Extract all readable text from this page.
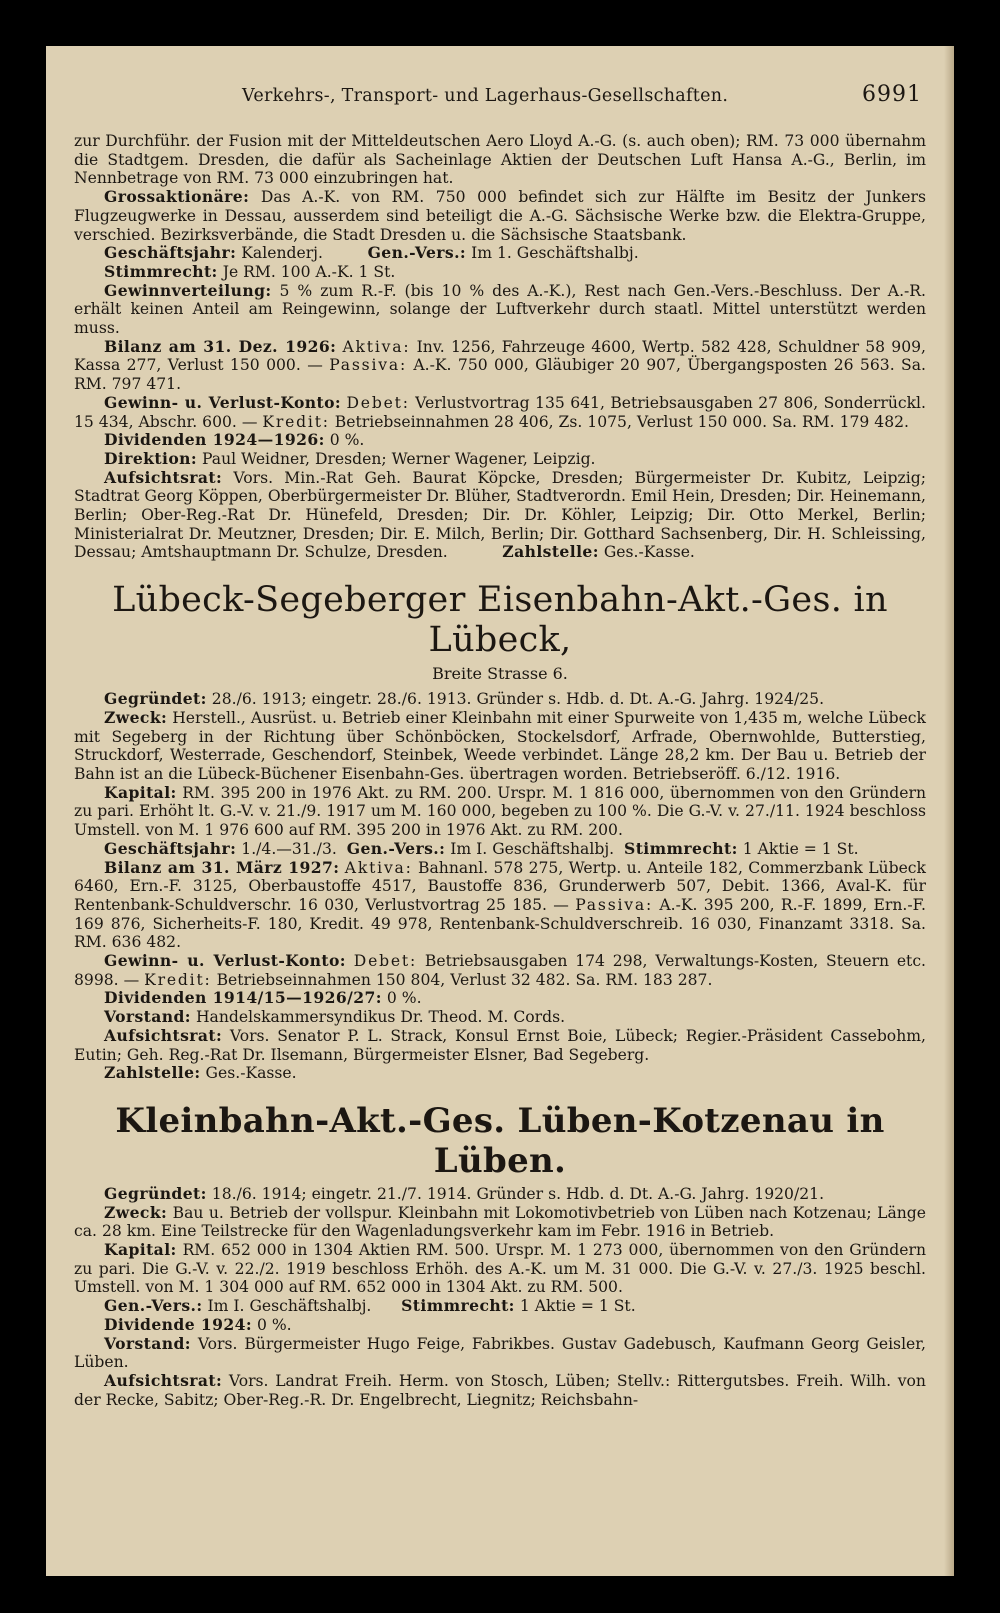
Verkehrs-, Transport- und Lagerhaus-Gesellschaften.	6991

zur Durchführ. der Fusion mit der Mitteldeutschen Aero Lloyd A.-G. (s. auch oben); RM. 73 000 übernahm die Stadtgem. Dresden, die dafür als Sacheinlage Aktien der Deutschen Luft Hansa A.-G., Berlin, im Nennbetrage von RM. 73 000 einzubringen hat.

Grossaktionäre: Das A.-K. von RM. 750 000 befindet sich zur Hälfte im Besitz der Junkers Flugzeugwerke in Dessau, ausserdem sind beteiligt die A.-G. Sächsische Werke bzw. die Elektra-Gruppe, verschied. Bezirksverbände, die Stadt Dresden u. die Sächsische Staatsbank.

Geschäftsjahr: Kalenderj.	Gen.-Vers.: Im 1. Geschäftshalbj.

Stimmrecht: Je RM. 100 A.-K. 1 St.

Gewinnverteilung: 5 % zum R.-F. (bis 10 % des A.-K.), Rest nach Gen.-Vers.-Beschluss. Der A.-R. erhält keinen Anteil am Reingewinn, solange der Luftverkehr durch staatl. Mittel unterstützt werden muss.

Bilanz am 31. Dez. 1926: Aktiva: Inv. 1256, Fahrzeuge 4600, Wertp. 582 428, Schuldner 58 909, Kassa 277, Verlust 150 000. — Passiva: A.-K. 750 000, Gläubiger 20 907, Übergangsposten 26 563. Sa. RM. 797 471.

Gewinn- u. Verlust-Konto: Debet: Verlustvortrag 135 641, Betriebsausgaben 27 806, Sonderrückl. 15 434, Abschr. 600. — Kredit: Betriebseinnahmen 28 406, Zs. 1075, Verlust 150 000. Sa. RM. 179 482.

Dividenden 1924—1926: 0 %.

Direktion: Paul Weidner, Dresden; Werner Wagener, Leipzig.

Aufsichtsrat: Vors. Min.-Rat Geh. Baurat Köpcke, Dresden; Bürgermeister Dr. Kubitz, Leipzig; Stadtrat Georg Köppen, Oberbürgermeister Dr. Blüher, Stadtverordn. Emil Hein, Dresden; Dir. Heinemann, Berlin; Ober-Reg.-Rat Dr. Hünefeld, Dresden; Dir. Dr. Köhler, Leipzig; Dir. Otto Merkel, Berlin; Ministerialrat Dr. Meutzner, Dresden; Dir. E. Milch, Berlin; Dir. Gotthard Sachsenberg, Dir. H. Schleissing, Dessau; Amtshauptmann Dr. Schulze, Dresden.	Zahlstelle: Ges.-Kasse.

Lübeck-Segeberger Eisenbahn-Akt.-Ges. in Lübeck,
Breite Strasse 6.

Gegründet: 28./6. 1913; eingetr. 28./6. 1913. Gründer s. Hdb. d. Dt. A.-G. Jahrg. 1924/25.

Zweck: Herstell., Ausrüst. u. Betrieb einer Kleinbahn mit einer Spurweite von 1,435 m, welche Lübeck mit Segeberg in der Richtung über Schönböcken, Stockelsdorf, Arfrade, Obernwohlde, Butterstieg, Struckdorf, Westerrade, Geschendorf, Steinbek, Weede verbindet. Länge 28,2 km. Der Bau u. Betrieb der Bahn ist an die Lübeck-Büchener Eisenbahn-Ges. übertragen worden. Betriebseröff. 6./12. 1916.

Kapital: RM. 395 200 in 1976 Akt. zu RM. 200. Urspr. M. 1 816 000, übernommen von den Gründern zu pari. Erhöht lt. G.-V. v. 21./9. 1917 um M. 160 000, begeben zu 100 %. Die G.-V. v. 27./11. 1924 beschloss Umstell. von M. 1 976 600 auf RM. 395 200 in 1976 Akt. zu RM. 200.

Geschäftsjahr: 1./4.—31./3. Gen.-Vers.: Im I. Geschäftshalbj. Stimmrecht: 1 Aktie = 1 St.

Bilanz am 31. März 1927: Aktiva: Bahnanl. 578 275, Wertp. u. Anteile 182, Commerzbank Lübeck 6460, Ern.-F. 3125, Oberbaustoffe 4517, Baustoffe 836, Grunderwerb 507, Debit. 1366, Aval-K. für Rentenbank-Schuldverschr. 16 030, Verlustvortrag 25 185. — Passiva: A.-K. 395 200, R.-F. 1899, Ern.-F. 169 876, Sicherheits-F. 180, Kredit. 49 978, Rentenbank-Schuldverschreib. 16 030, Finanzamt 3318. Sa. RM. 636 482.

Gewinn- u. Verlust-Konto: Debet: Betriebsausgaben 174 298, Verwaltungs-Kosten, Steuern etc. 8998. — Kredit: Betriebseinnahmen 150 804, Verlust 32 482. Sa. RM. 183 287.

Dividenden 1914/15—1926/27: 0 %.

Vorstand: Handelskammersyndikus Dr. Theod. M. Cords.

Aufsichtsrat: Vors. Senator P. L. Strack, Konsul Ernst Boie, Lübeck; Regier.-Präsident Cassebohm, Eutin; Geh. Reg.-Rat Dr. Ilsemann, Bürgermeister Elsner, Bad Segeberg.

Zahlstelle: Ges.-Kasse.

Kleinbahn-Akt.-Ges. Lüben-Kotzenau in Lüben.

Gegründet: 18./6. 1914; eingetr. 21./7. 1914. Gründer s. Hdb. d. Dt. A.-G. Jahrg. 1920/21.

Zweck: Bau u. Betrieb der vollspur. Kleinbahn mit Lokomotivbetrieb von Lüben nach Kotzenau; Länge ca. 28 km. Eine Teilstrecke für den Wagenladungsverkehr kam im Febr. 1916 in Betrieb.

Kapital: RM. 652 000 in 1304 Aktien RM. 500. Urspr. M. 1 273 000, übernommen von den Gründern zu pari. Die G.-V. v. 22./2. 1919 beschloss Erhöh. des A.-K. um M. 31 000. Die G.-V. v. 27./3. 1925 beschl. Umstell. von M. 1 304 000 auf RM. 652 000 in 1304 Akt. zu RM. 500.

Gen.-Vers.: Im I. Geschäftshalbj. Stimmrecht: 1 Aktie = 1 St.

Dividende 1924: 0 %.

Vorstand: Vors. Bürgermeister Hugo Feige, Fabrikbes. Gustav Gadebusch, Kaufmann Georg Geisler, Lüben.

Aufsichtsrat: Vors. Landrat Freih. Herm. von Stosch, Lüben; Stellv.: Rittergutsbes. Freih. Wilh. von der Recke, Sabitz; Ober-Reg.-R. Dr. Engelbrecht, Liegnitz; Reichsbahn-
